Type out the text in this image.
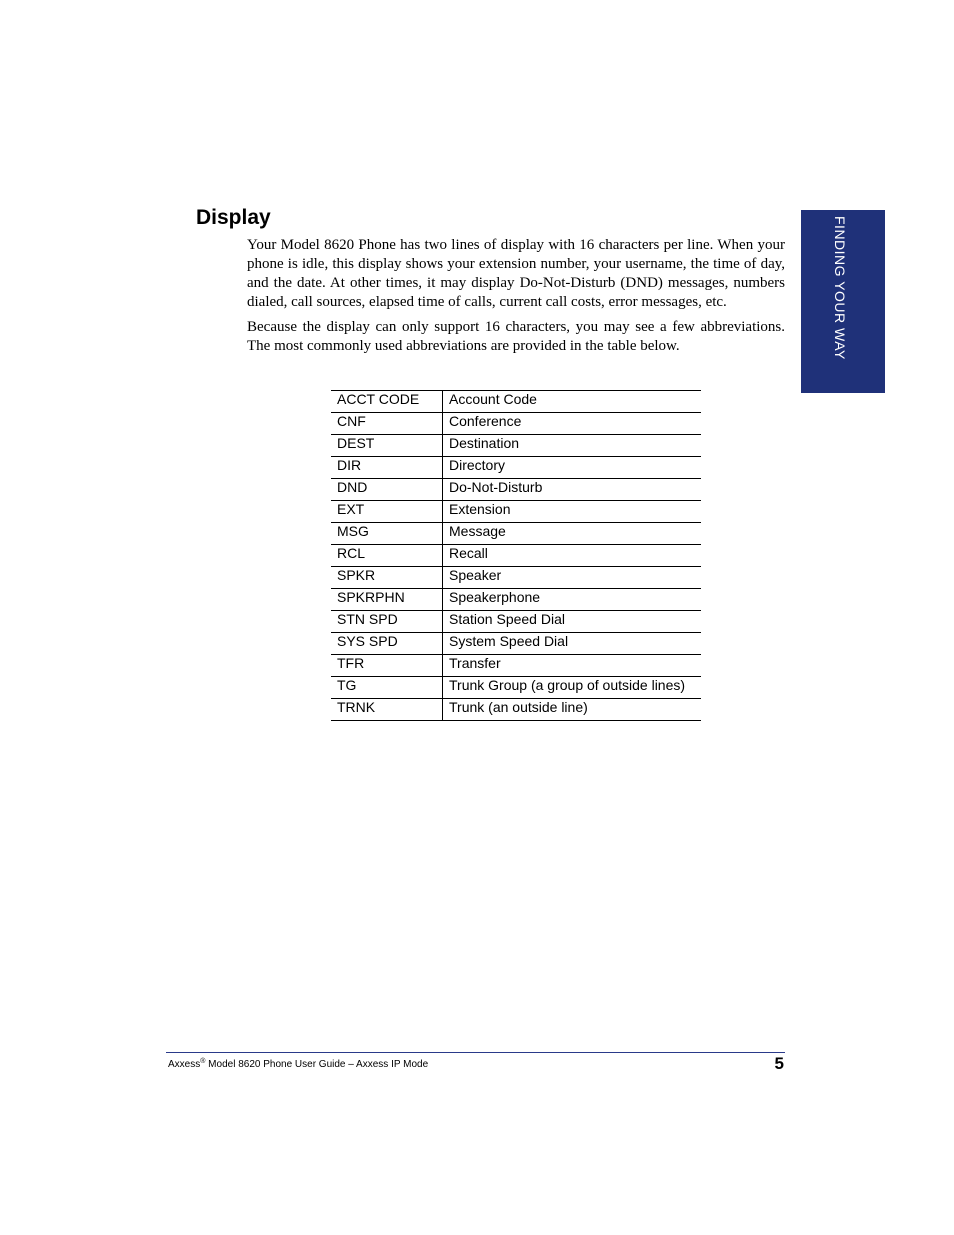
Display

Your Model 8620 Phone has two lines of display with 16 characters per line. When your phone is idle, this display shows your extension number, your username, the time of day, and the date. At other times, it may display Do-Not-Disturb (DND) messages, numbers dialed, call sources, elapsed time of calls, current call costs, error messages, etc.

Because the display can only support 16 characters, you may see a few abbreviations. The most commonly used abbreviations are provided in the table below.

ACCT CODE	Account Code
CNF	Conference
DEST	Destination
DIR	Directory
DND	Do-Not-Disturb
EXT	Extension
MSG	Message
RCL	Recall
SPKR	Speaker
SPKRPHN	Speakerphone
STN SPD	Station Speed Dial
SYS SPD	System Speed Dial
TFR	Transfer
TG	Trunk Group (a group of outside lines)
TRNK	Trunk (an outside line)
FINDING YOUR WAY
Axxess® Model 8620 Phone User Guide – Axxess IP Mode	5
